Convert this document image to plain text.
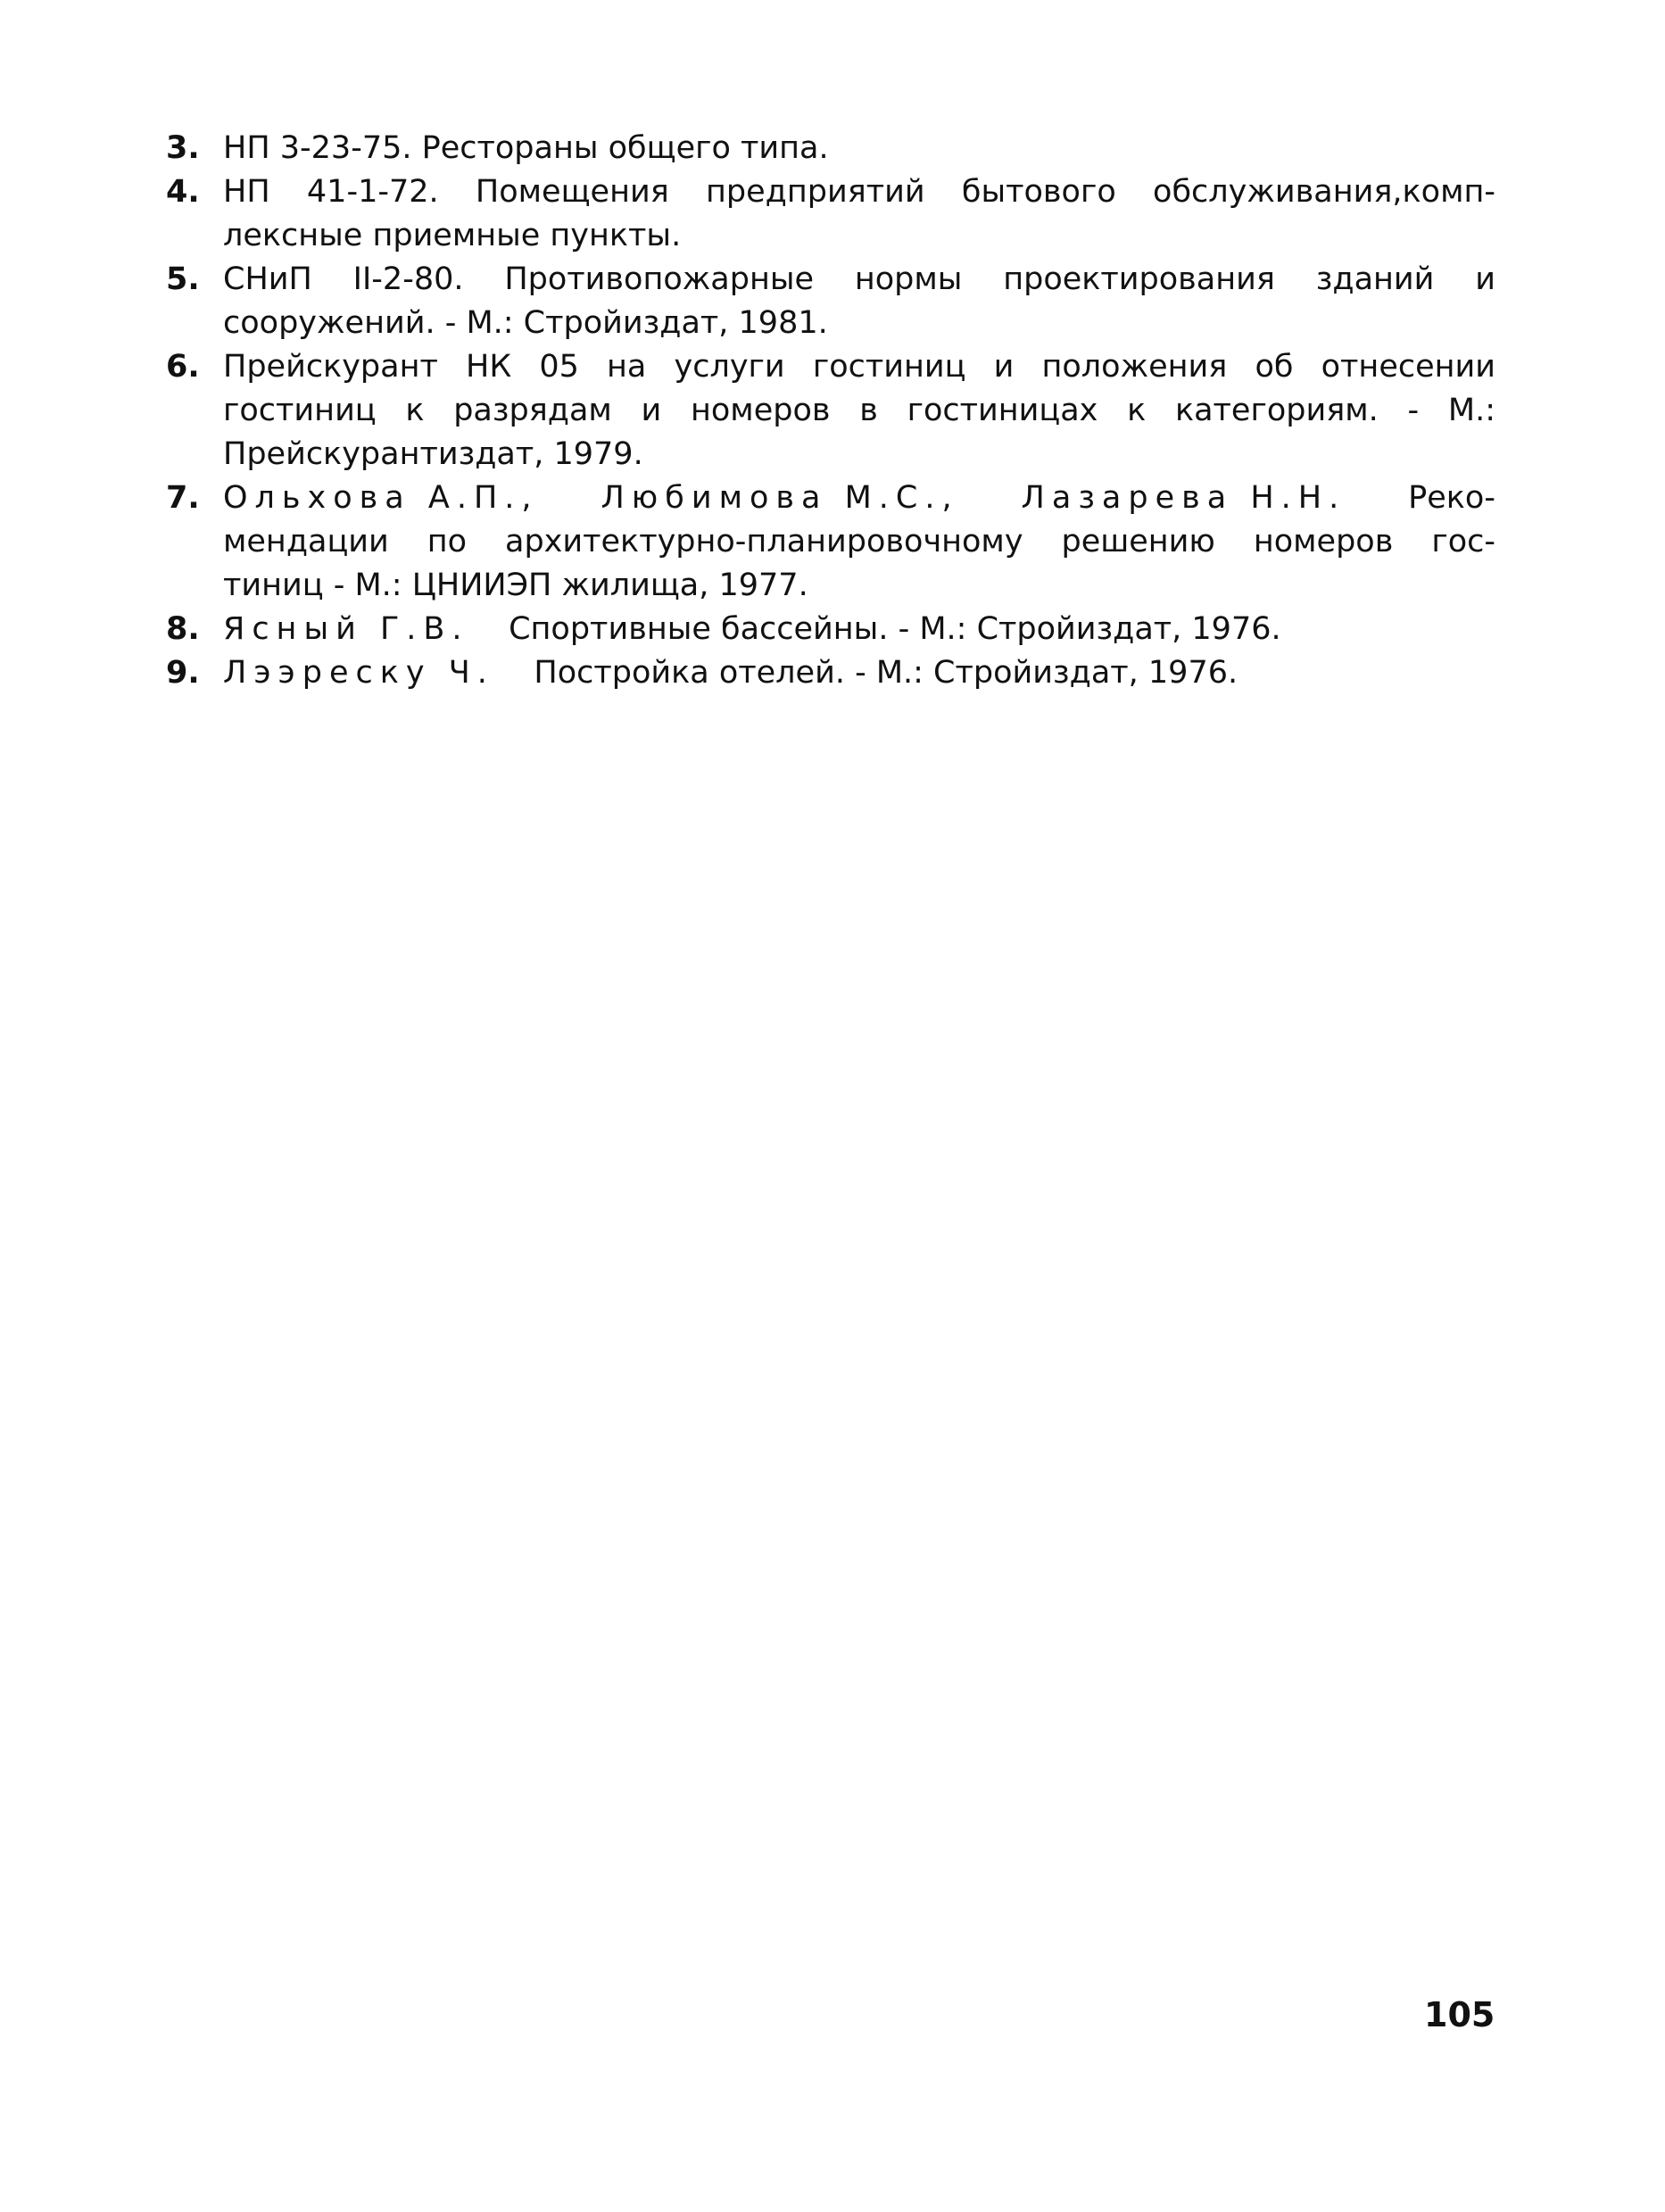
3. НП 3-23-75. Рестораны общего типа.
4. НП 41-1-72. Помещения предприятий бытового обслуживания,комп-
лексные приемные пункты.
5. СНиП II-2-80. Противопожарные нормы проектирования зданий и
сооружений. - М.: Стройиздат, 1981.
6. Прейскурант НК 05 на услуги гостиниц и положения об отнесении
гостиниц к разрядам и номеров в гостиницах к категориям. - М.:
Прейскурантиздат, 1979.
7. Ольхова А.П., Любимова М.С., Лазарева Н.Н. Реко-
мендации по архитектурно-планировочному решению номеров гос-
тиниц - М.: ЦНИИЭП жилища, 1977.
8. Ясный Г.В. Спортивные бассейны. - М.: Стройиздат, 1976.
9. Лээреску Ч. Постройка отелей. - М.: Стройиздат, 1976.
105
